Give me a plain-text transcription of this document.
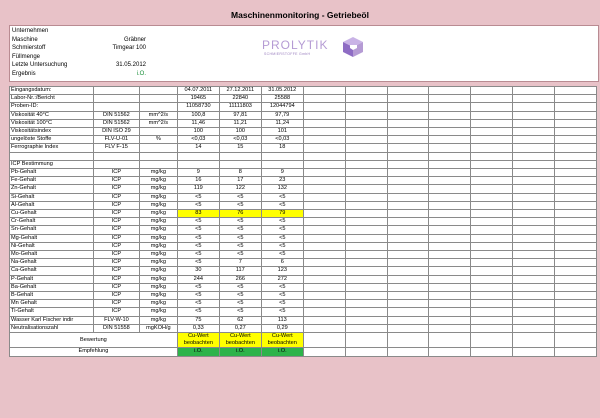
Maschinenmonitoring - Getriebeöl
Unternehmen
Maschine	Gräbner
Schmierstoff	Timgear 100
Füllmenge
Letzte Untersuchung	31.05.2012
Ergebnis	i.O.
PROLYTIK
SCHMIERSTOFFE GmbH
Eingangsdatum:			04.07.2011	27.12.2011	31.05.2012							
Labor-Nr.:/Bericht			19465	22840	25588							
Proben-ID:			11058730	11111803	12044794							
Viskosität 40°C	DIN 51562	mm^2/s	100,8	97,81	97,79							
Viskosität 100°C	DIN 51562	mm^2/s	11,46	11,21	11,24							
Viskositätsindex	DIN ISO 29		100	100	101							
ungelöste Stoffe	FLV-U-01	%	<0,03	<0,03	<0,03							
Ferrographie Index	FLV F-15		14	15	18							

ICP Bestimmung												
Pb-Gehalt	ICP	mg/kg	9	8	9							
Fe-Gehalt	ICP	mg/kg	16	17	23							
Zn-Gehalt	ICP	mg/kg	119	122	132							
Si-Gehalt	ICP	mg/kg	<5	<5	<5							
Al-Gehalt	ICP	mg/kg	<5	<5	<5							
Cu-Gehalt	ICP	mg/kg	83	76	79							
Cr-Gehalt	ICP	mg/kg	<5	<5	<5							
Sn-Gehalt	ICP	mg/kg	<5	<5	<5							
Mg-Gehalt	ICP	mg/kg	<5	<5	<5							
Ni-Gehalt	ICP	mg/kg	<5	<5	<5							
Mo-Gehalt	ICP	mg/kg	<5	<5	<5							
Na-Gehalt	ICP	mg/kg	<5	7	6							
Ca-Gehalt	ICP	mg/kg	30	117	123							
P-Gehalt	ICP	mg/kg	244	266	272							
Ba-Gehalt	ICP	mg/kg	<5	<5	<5							
B-Gehalt	ICP	mg/kg	<5	<5	<5							
Mn Gehalt	ICP	mg/kg	<5	<5	<5							
Ti-Gehalt	ICP	mg/kg	<5	<5	<5							
Wasser Karl Fischer indir	FLV-W-10	mg/kg	75	62	113							
Neutralisationszahl	DIN 51558	mgKOH/g	0,33	0,27	0,29							
Bewertung			Cu-Wert beobachten	Cu-Wert beobachten	Cu-Wert beobachten							
Empfehlung			i.O.	i.O.	i.O.							
